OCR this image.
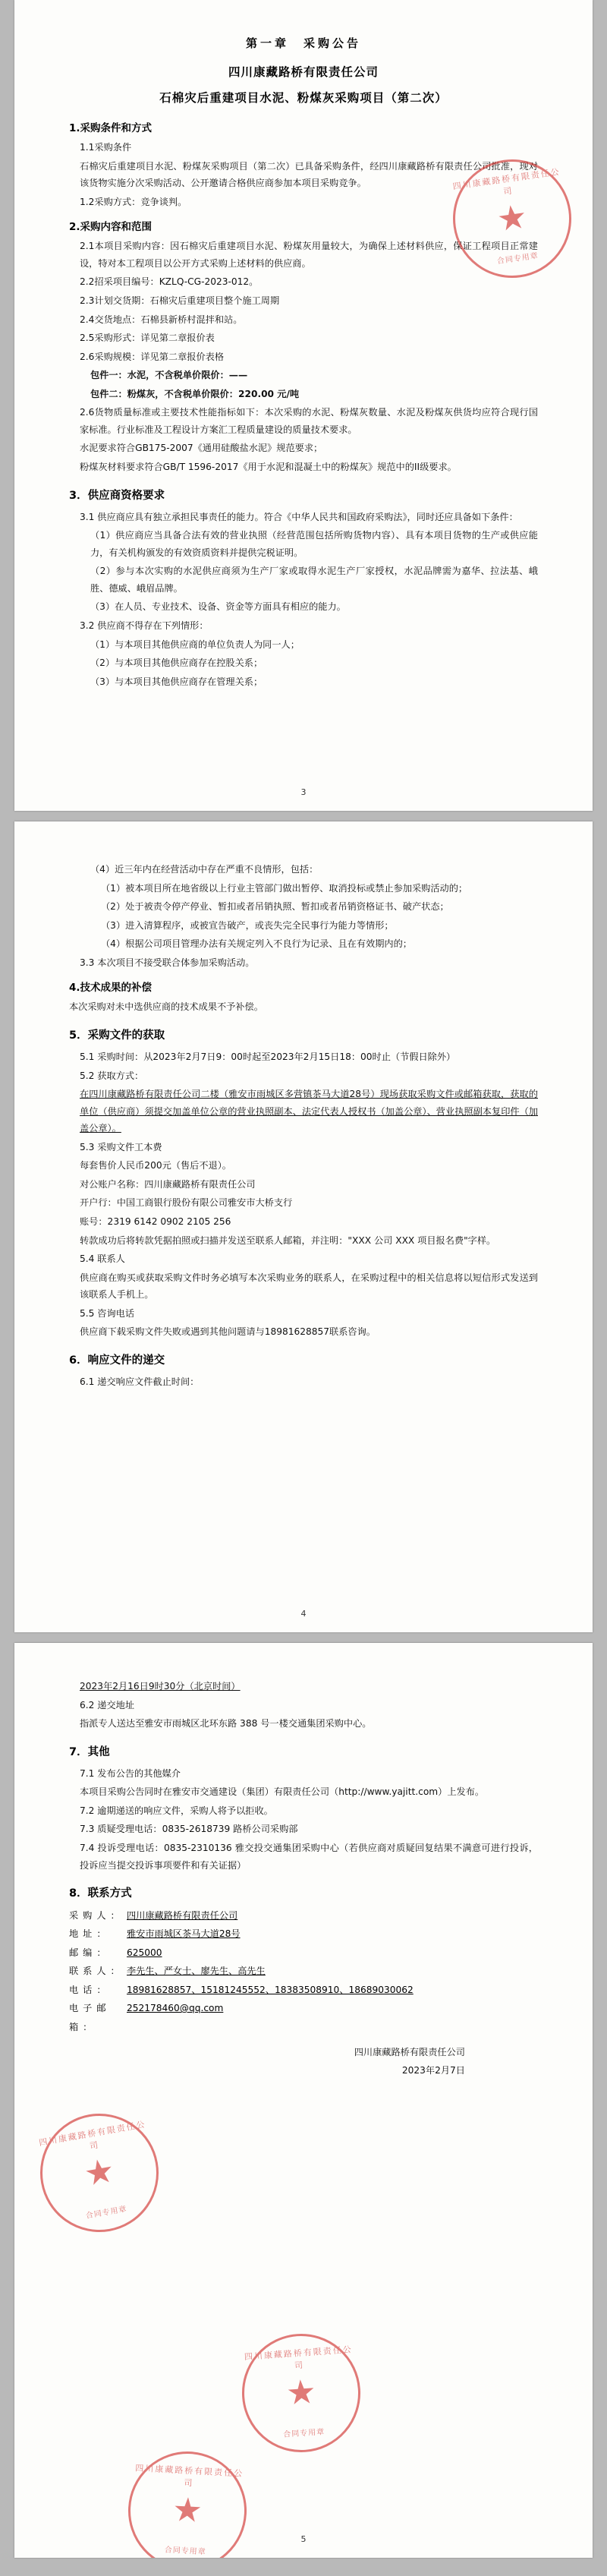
四川康藏路桥有限责任公司
★
合同专用章
第一章　采购公告
四川康藏路桥有限责任公司
石棉灾后重建项目水泥、粉煤灰采购项目（第二次）
1.采购条件和方式

1.1采购条件

石棉灾后重建项目水泥、粉煤灰采购项目（第二次）已具备采购条件，经四川康藏路桥有限责任公司批准，现对该货物实施分次采购活动、公开邀请合格供应商参加本项目采购竞争。

1.2采购方式：竞争谈判。

2.采购内容和范围

2.1本项目采购内容：因石棉灾后重建项目水泥、粉煤灰用量较大，为确保上述材料供应，保证工程项目正常建设，特对本工程项目以公开方式采购上述材料的供应商。

2.2招采项目编号：KZLQ-CG-2023-012。

2.3计划交货期：石棉灾后重建项目整个施工周期

2.4交货地点：石棉县新桥村混拌和站。

2.5采购形式：详见第二章报价表

2.6采购规模：详见第二章报价表格

包件一：水泥，不含税单价限价：——

包件二：粉煤灰，不含税单价限价：220.00 元/吨

2.6货物质量标准或主要技术性能指标如下：本次采购的水泥、粉煤灰数量、水泥及粉煤灰供货均应符合现行国家标准。行业标准及工程设计方案汇工程质量建设的质量技术要求。

水泥要求符合GB175-2007《通用硅酸盐水泥》规范要求；

粉煤灰材料要求符合GB/T 1596-2017《用于水泥和混凝土中的粉煤灰》规范中的II级要求。

3．供应商资格要求

3.1 供应商应具有独立承担民事责任的能力。符合《中华人民共和国政府采购法》，同时还应具备如下条件：

（1）供应商应当具备合法有效的营业执照（经营范围包括所购货物内容）、具有本项目货物的生产或供应能力，有关机构颁发的有效资质资料并提供完税证明。

（2）参与本次实购的水泥供应商须为生产厂家或取得水泥生产厂家授权，水泥品牌需为嘉华、拉法基、峨胜、德威、峨眉品牌。

（3）在人员、专业技术、设备、资金等方面具有相应的能力。

3.2 供应商不得存在下列情形：

（1）与本项目其他供应商的单位负责人为同一人；

（2）与本项目其他供应商存在控股关系；

（3）与本项目其他供应商存在管理关系；

3

（4）近三年内在经营活动中存在严重不良情形，包括：

（1）被本项目所在地省级以上行业主管部门做出暂停、取消投标或禁止参加采购活动的；

（2）处于被责令停产停业、暂扣或者吊销执照、暂扣或者吊销资格证书、破产状态；

（3）进入清算程序，或被宣告破产，或丧失完全民事行为能力等情形；

（4）根据公司项目管理办法有关规定列入不良行为记录、且在有效期内的；

3.3 本次项目不接受联合体参加采购活动。

4.技术成果的补偿

本次采购对未中选供应商的技术成果不予补偿。

5．采购文件的获取

5.1 采购时间：从2023年2月7日9：00时起至2023年2月15日18：00时止（节假日除外）

5.2 获取方式：

在四川康藏路桥有限责任公司二楼（雅安市雨城区多营镇茶马大道28号）现场获取采购文件或邮箱获取，获取的单位（供应商）须提交加盖单位公章的营业执照副本、法定代表人授权书（加盖公章）、营业执照副本复印件（加盖公章）。

5.3 采购文件工本费

每套售价人民币200元（售后不退）。

对公账户名称：四川康藏路桥有限责任公司

开户行：中国工商银行股份有限公司雅安市大桥支行

账号：2319 6142 0902 2105 256

转款成功后将转款凭据拍照或扫描并发送至联系人邮箱，并注明："XXX 公司 XXX 项目报名费"字样。

5.4 联系人

供应商在购买或获取采购文件时务必填写本次采购业务的联系人，在采购过程中的相关信息将以短信形式发送到该联系人手机上。

5.5 咨询电话

供应商下载采购文件失败或遇到其他问题请与18981628857联系咨询。

6．响应文件的递交

6.1 递交响应文件截止时间：

4
四川康藏路桥有限责任公司
★
合同专用章
四川康藏路桥有限责任公司
★
合同专用章
四川康藏路桥有限责任公司
★
合同专用章

2023年2月16日9时30分（北京时间）

6.2 递交地址

指派专人送达至雅安市雨城区北环东路 388 号一楼交通集团采购中心。

7．其他

7.1 发布公告的其他媒介

本项目采购公告同时在雅安市交通建设（集团）有限责任公司（http://www.yajitt.com）上发布。

7.2 逾期递送的响应文件，采购人将予以拒收。

7.3 质疑受理电话：0835-2618739 路桥公司采购部

7.4 投诉受理电话：0835-2310136 雅交投交通集团采购中心（若供应商对质疑回复结果不满意可进行投诉，投诉应当提交投诉事项要件和有关证据）

8．联系方式
采购人： 四川康藏路桥有限责任公司
地址：	雅安市雨城区茶马大道28号
邮编：	625000
联系人： 李先生、严女士、廖先生、高先生
电话：	18981628857、15181245552、18383508910、18689030062
电子邮箱：
252178460@qq.com

四川康藏路桥有限责任公司

2023年2月7日

5
